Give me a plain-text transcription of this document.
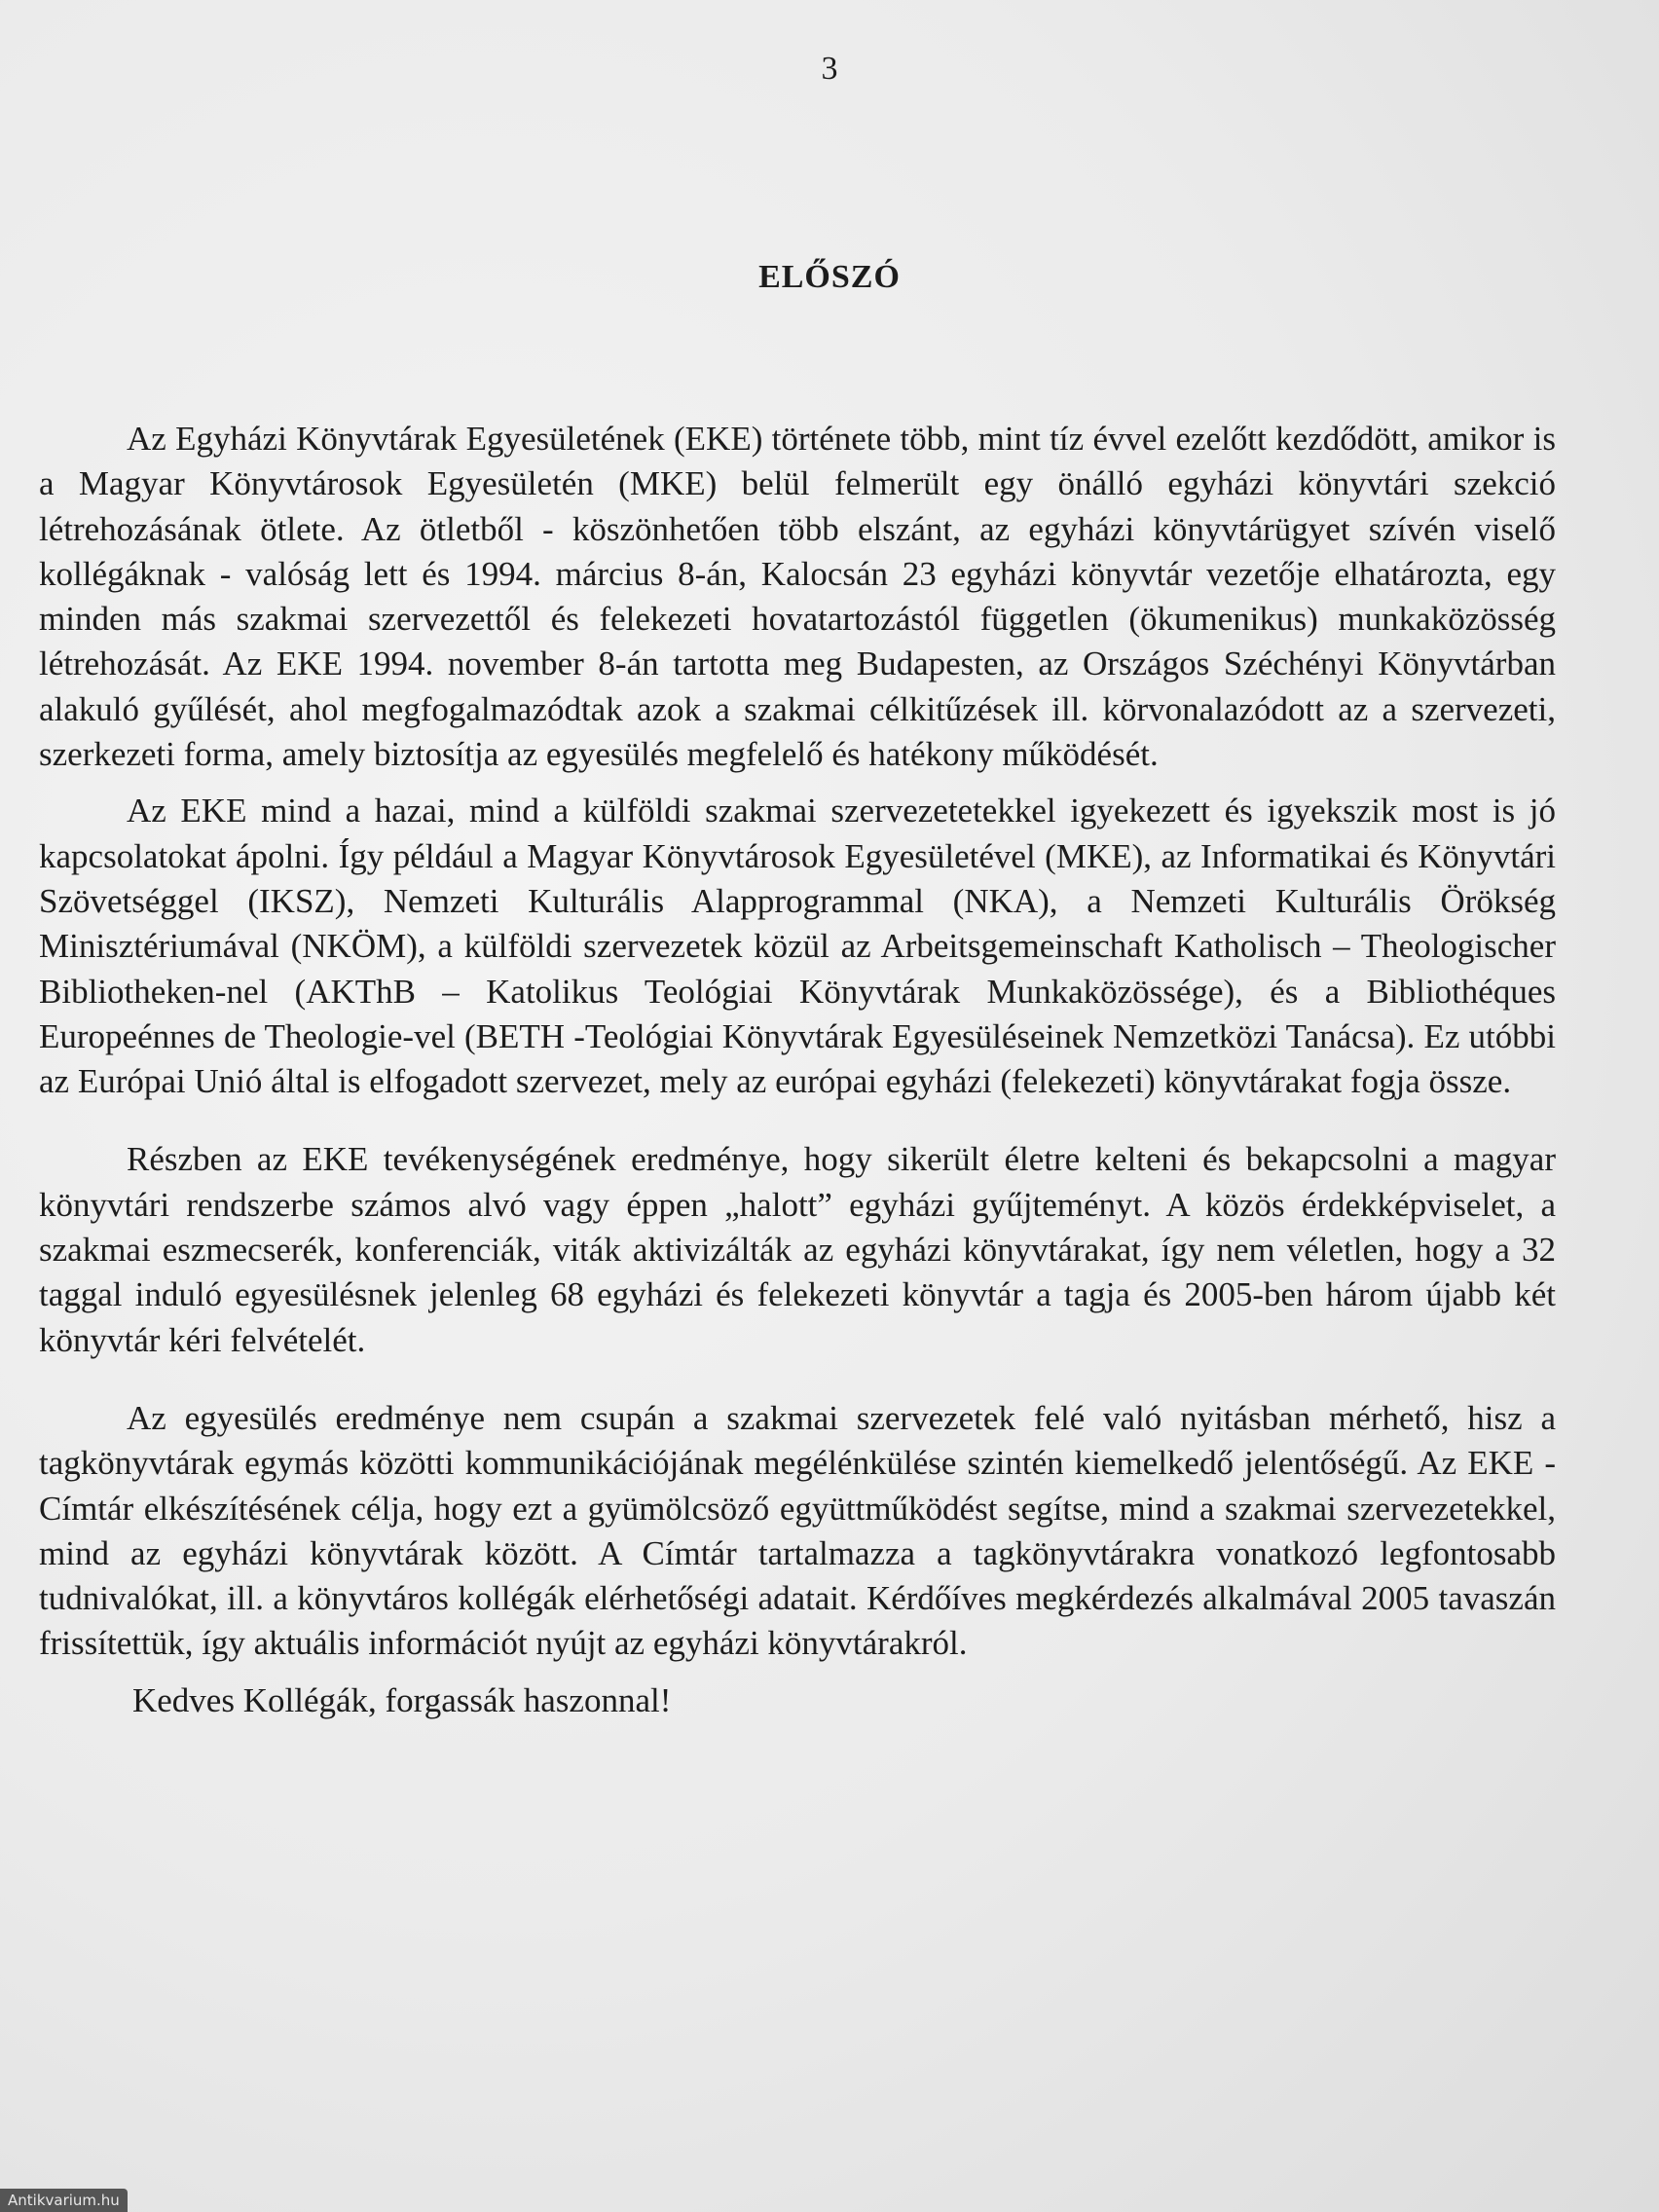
3
ELŐSZÓ

Az Egyházi Könyvtárak Egyesületének (EKE) története több, mint tíz évvel ezelőtt kezdődött, amikor is a Magyar Könyvtárosok Egyesületén (MKE) belül felmerült egy önálló egyházi könyvtári szekció létrehozásának ötlete. Az ötletből - köszönhetően több elszánt, az egyházi könyvtárügyet szívén viselő kollégáknak - valóság lett és 1994. március 8-án, Kalocsán 23 egyházi könyvtár vezetője elhatározta, egy minden más szakmai szervezettől és felekezeti hovatartozástól független (ökumenikus) munkaközösség létrehozását. Az EKE 1994. november 8-án tartotta meg Budapesten, az Országos Széchényi Könyvtárban alakuló gyűlését, ahol megfogalmazódtak azok a szakmai célkitűzések ill. körvonalazódott az a szervezeti, szerkezeti forma, amely biztosítja az egyesülés megfelelő és hatékony működését.

Az EKE mind a hazai, mind a külföldi szakmai szervezetetekkel igyekezett és igyekszik most is jó kapcsolatokat ápolni. Így például a Magyar Könyvtárosok Egyesületével (MKE), az Informatikai és Könyvtári Szövetséggel (IKSZ), Nemzeti Kulturális Alapprogrammal (NKA), a Nemzeti Kulturális Örökség Minisztériumával (NKÖM), a külföldi szervezetek közül az Arbeitsgemeinschaft Katholisch – Theologischer Bibliotheken-nel (AKThB – Katolikus Teológiai Könyvtárak Munkaközössége), és a Bibliothéques Europeénnes de Theologie-vel (BETH -Teológiai Könyvtárak Egyesüléseinek Nemzetközi Tanácsa). Ez utóbbi az Európai Unió által is elfogadott szervezet, mely az európai egyházi (felekezeti) könyvtárakat fogja össze.

Részben az EKE tevékenységének eredménye, hogy sikerült életre kelteni és bekapcsolni a magyar könyvtári rendszerbe számos alvó vagy éppen „halott” egyházi gyűjteményt. A közös érdekképviselet, a szakmai eszmecserék, konferenciák, viták aktivizálták az egyházi könyvtárakat, így nem véletlen, hogy a 32 taggal induló egyesülésnek jelenleg 68 egyházi és felekezeti könyvtár a tagja és 2005-ben három újabb két könyvtár kéri felvételét.

Az egyesülés eredménye nem csupán a szakmai szervezetek felé való nyitásban mérhető, hisz a tagkönyvtárak egymás közötti kommunikációjának megélénkülése szintén kiemelkedő jelentőségű. Az EKE - Címtár elkészítésének célja, hogy ezt a gyümölcsöző együttműködést segítse, mind a szakmai szervezetekkel, mind az egyházi könyvtárak között. A Címtár tartalmazza a tagkönyvtárakra vonatkozó legfontosabb tudnivalókat, ill. a könyvtáros kollégák elérhetőségi adatait. Kérdőíves megkérdezés alkalmával 2005 tavaszán frissítettük, így aktuális információt nyújt az egyházi könyvtárakról.

Kedves Kollégák, forgassák haszonnal!

Antikvarium.hu
